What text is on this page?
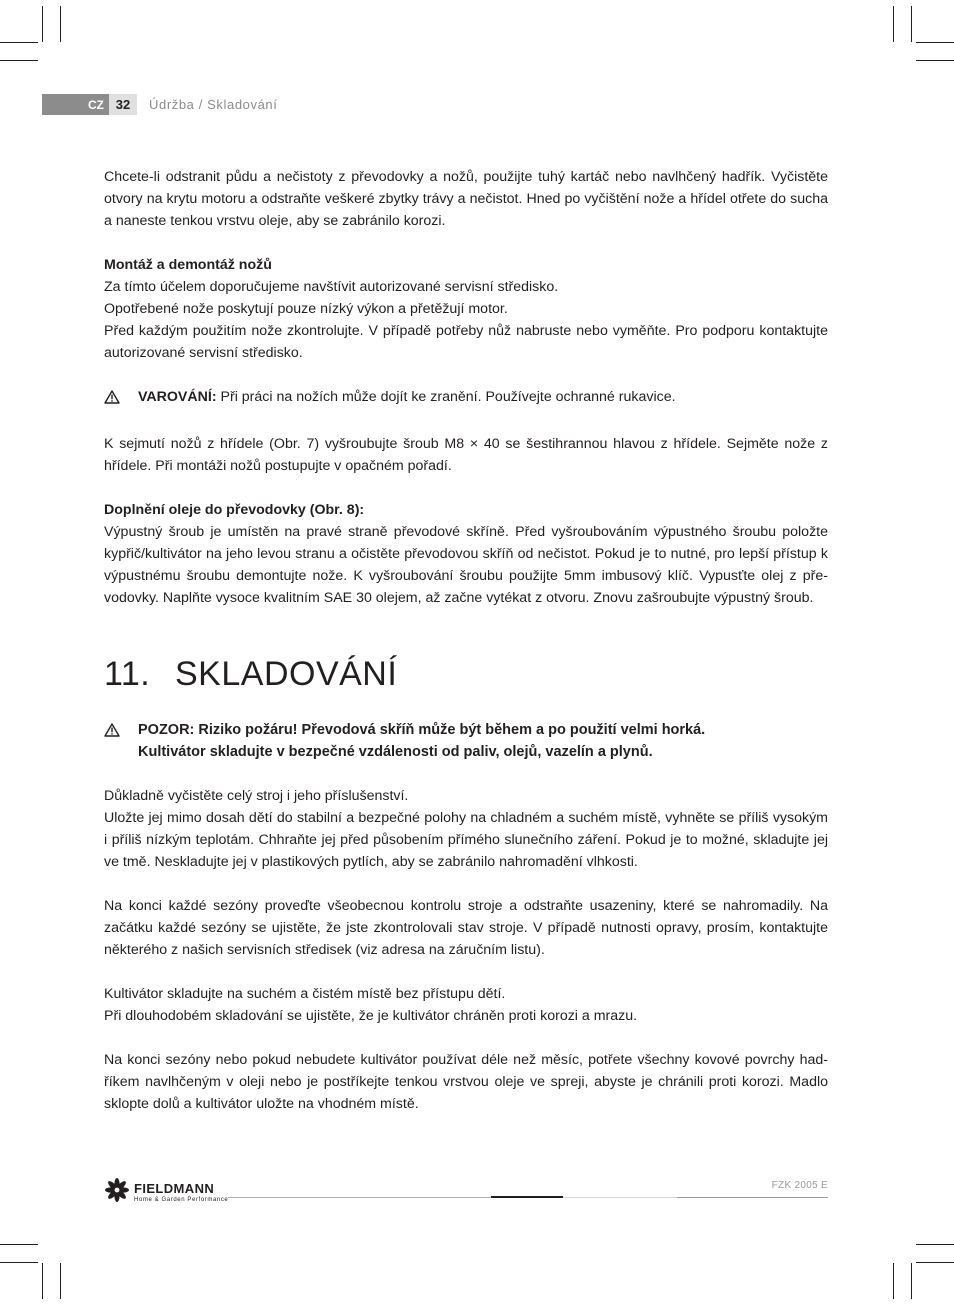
CZ 32	Údržba / Skladování

Chcete-li odstranit půdu a nečistoty z převodovky a nožů, použijte tuhý kartáč nebo navlhčený hadřík. Vyčistěte otvory na krytu motoru a odstraňte veškeré zbytky trávy a nečistot. Hned po vyčištění nože a hřídel otřete do sucha a naneste tenkou vrstvu oleje, aby se zabránilo korozi.

Montáž a demontáž nožů

Za tímto účelem doporučujeme navštívit autorizované servisní středisko.

Opotřebené nože poskytují pouze nízký výkon a přetěžují motor.

Před každým použitím nože zkontrolujte. V případě potřeby nůž nabruste nebo vyměňte. Pro podporu kontaktujte autorizované servisní středisko.

VAROVÁNÍ: Při práci na nožích může dojít ke zranění. Používejte ochranné rukavice.

K sejmutí nožů z hřídele (Obr. 7) vyšroubujte šroub M8 × 40 se šestihrannou hlavou z hřídele. Sejměte nože z hřídele. Při montáži nožů postupujte v opačném pořadí.

Doplnění oleje do převodovky (Obr. 8):

Výpustný šroub je umístěn na pravé straně převodové skříně. Před vyšroubováním výpustného šroubu položte kypřič/kultivátor na jeho levou stranu a očistěte převodovou skříň od nečistot. Pokud je to nutné, pro lepší přístup k výpustnému šroubu demontujte nože. K vyšroubování šroubu použijte 5mm imbusový klíč. Vypusťte olej z převodovky. Naplňte vysoce kvalitním SAE 30 olejem, až začne vytékat z otvoru. Znovu zašroubujte výpustný šroub.

11. SKLADOVÁNÍ

POZOR: Riziko požáru! Převodová skříň může být během a po použití velmi horká.

Kultivátor skladujte v bezpečné vzdálenosti od paliv, olejů, vazelín a plynů.

Důkladně vyčistěte celý stroj i jeho příslušenství.

Uložte jej mimo dosah dětí do stabilní a bezpečné polohy na chladném a suchém místě, vyhněte se příliš vysokým i příliš nízkým teplotám. Chhraňte jej před působením přímého slunečního záření. Pokud je to možné, skladujte jej ve tmě. Neskladujte jej v plastikových pytlích, aby se zabránilo nahromadění vlhkosti.

Na konci každé sezóny proveďte všeobecnou kontrolu stroje a odstraňte usazeniny, které se nahromadily. Na začátku každé sezóny se ujistěte, že jste zkontrolovali stav stroje. V případě nutnosti opravy, prosím, kontaktujte některého z našich servisních středisek (viz adresa na záručním listu).

Kultivátor skladujte na suchém a čistém místě bez přístupu dětí.

Při dlouhodobém skladování se ujistěte, že je kultivátor chráněn proti korozi a mrazu.

Na konci sezóny nebo pokud nebudete kultivátor používat déle než měsíc, potřete všechny kovové povrchy hadříkem navlhčeným v oleji nebo je postříkejte tenkou vrstvou oleje ve spreji, abyste je chránili proti korozi. Madlo sklopte dolů a kultivátor uložte na vhodném místě.

FIELDMANN
Home & Garden Performance
FZK 2005 E
